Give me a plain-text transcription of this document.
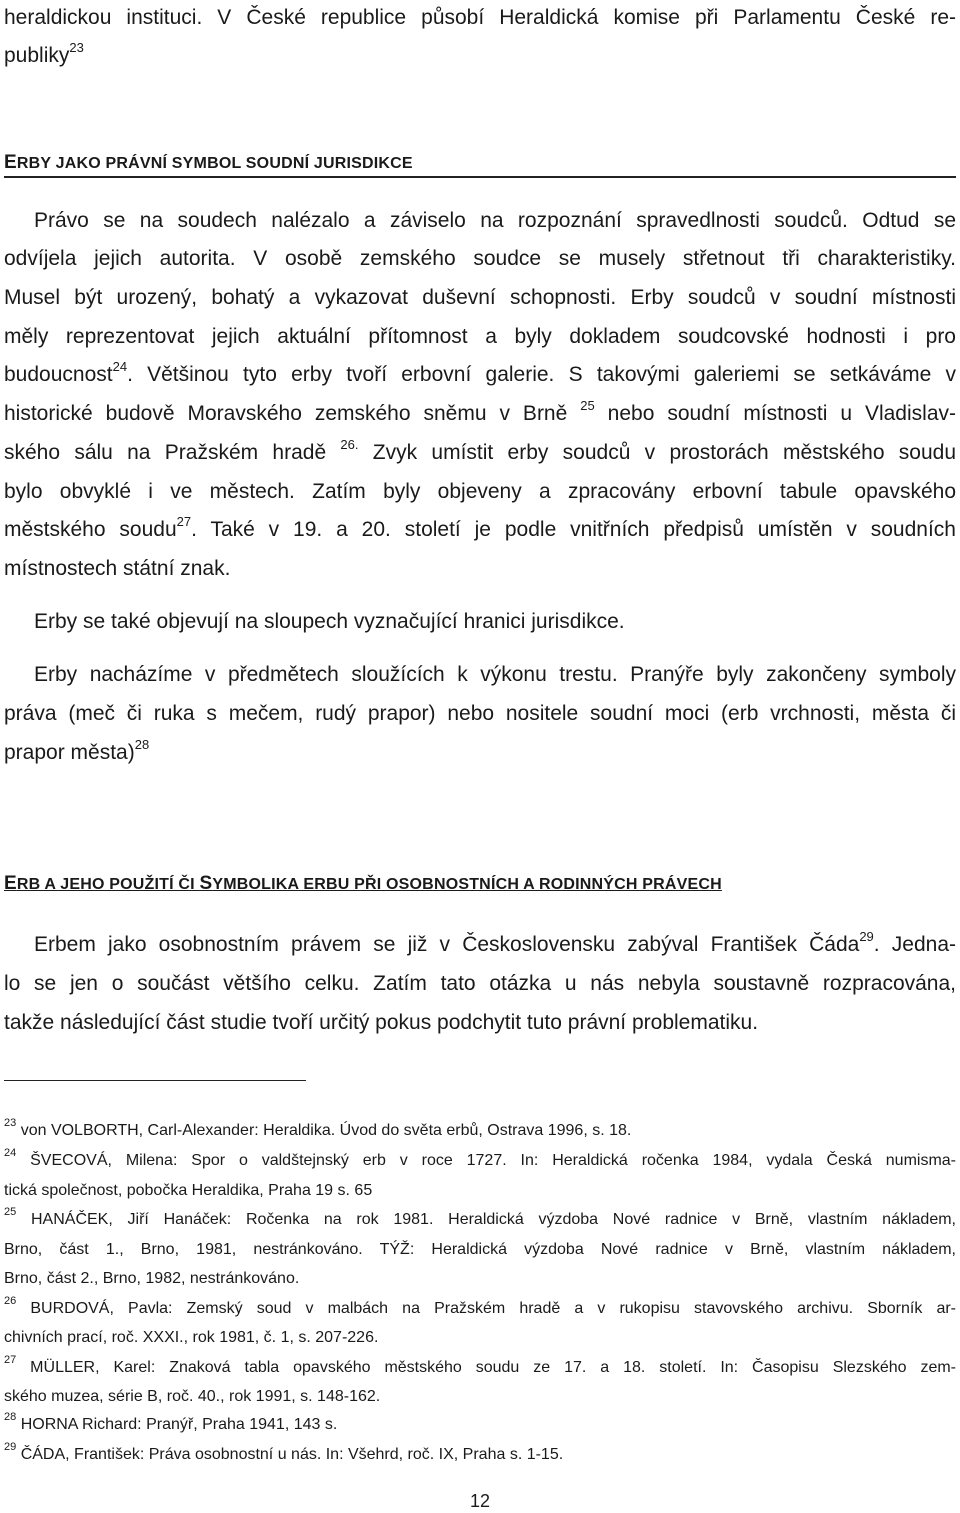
heraldickou instituci. V České republice působí Heraldická komise při Parlamentu České re-
publiky$^{23}$
ERBY JAKO PRÁVNÍ SYMBOL SOUDNÍ JURISDIKCE
Právo se na soudech nalézalo a záviselo na rozpoznání spravedlnosti soudců. Odtud se
odvíjela jejich autorita. V osobě zemského soudce se musely střetnout tři charakteristiky.
Musel být urozený, bohatý a vykazovat duševní schopnosti. Erby soudců v soudní místnosti
měly reprezentovat jejich aktuální přítomnost a byly dokladem soudcovské hodnosti i pro
budoucnost$^{24}$. Většinou tyto erby tvoří erbovní galerie. S takovými galeriemi se setkáváme v
historické budově Moravského zemského sněmu v Brně $^{25}$ nebo soudní místnosti u Vladislav-
ského sálu na Pražském hradě $^{26.}$ Zvyk umístit erby soudců v prostorách městského soudu
bylo obvyklé i ve městech. Zatím byly objeveny a zpracovány erbovní tabule opavského
městského soudu$^{27}$. Také v 19. a 20. století je podle vnitřních předpisů umístěn v soudních
místnostech státní znak.
Erby se také objevují na sloupech vyznačující hranici jurisdikce.
Erby nacházíme v předmětech sloužících k výkonu trestu. Pranýře byly zakončeny symboly
práva (meč či ruka s mečem, rudý prapor) nebo nositele soudní moci (erb vrchnosti, města či
prapor města)$^{28}$
ERB A JEHO POUŽITÍ ČI SYMBOLIKA ERBU PŘI OSOBNOSTNÍCH A RODINNÝCH PRÁVECH
Erbem jako osobnostním právem se již v Československu zabýval František Čáda$^{29}$. Jedna-
lo se jen o součást většího celku. Zatím tato otázka u nás nebyla soustavně rozpracována,
takže následující část studie tvoří určitý pokus podchytit tuto právní problematiku.
$^{23}$ von VOLBORTH, Carl-Alexander: Heraldika. Úvod do světa erbů, Ostrava 1996, s. 18.
$^{24}$ ŠVECOVÁ, Milena: Spor o valdštejnský erb v roce 1727. In: Heraldická ročenka 1984, vydala Česká numisma-
tická společnost, pobočka Heraldika, Praha 19 s. 65
$^{25}$ HANÁČEK, Jiří Hanáček: Ročenka na rok 1981. Heraldická výzdoba Nové radnice v Brně, vlastním nákladem,
Brno, část 1., Brno, 1981, nestránkováno. TÝŽ: Heraldická výzdoba Nové radnice v Brně, vlastním nákladem,
Brno, část 2., Brno, 1982, nestránkováno.
$^{26}$ BURDOVÁ, Pavla: Zemský soud v malbách na Pražském hradě a v rukopisu stavovského archivu. Sborník ar-
chivních prací, roč. XXXI., rok 1981, č. 1, s. 207-226.
$^{27}$ MÜLLER, Karel: Znaková tabla opavského městského soudu ze 17. a 18. století. In: Časopisu Slezského zem-
ského muzea, série B, roč. 40., rok 1991, s. 148-162.
$^{28}$ HORNA Richard: Pranýř, Praha 1941, 143 s.
$^{29}$ ČÁDA, František: Práva osobnostní u nás. In: Všehrd, roč. IX, Praha s. 1-15.
12
